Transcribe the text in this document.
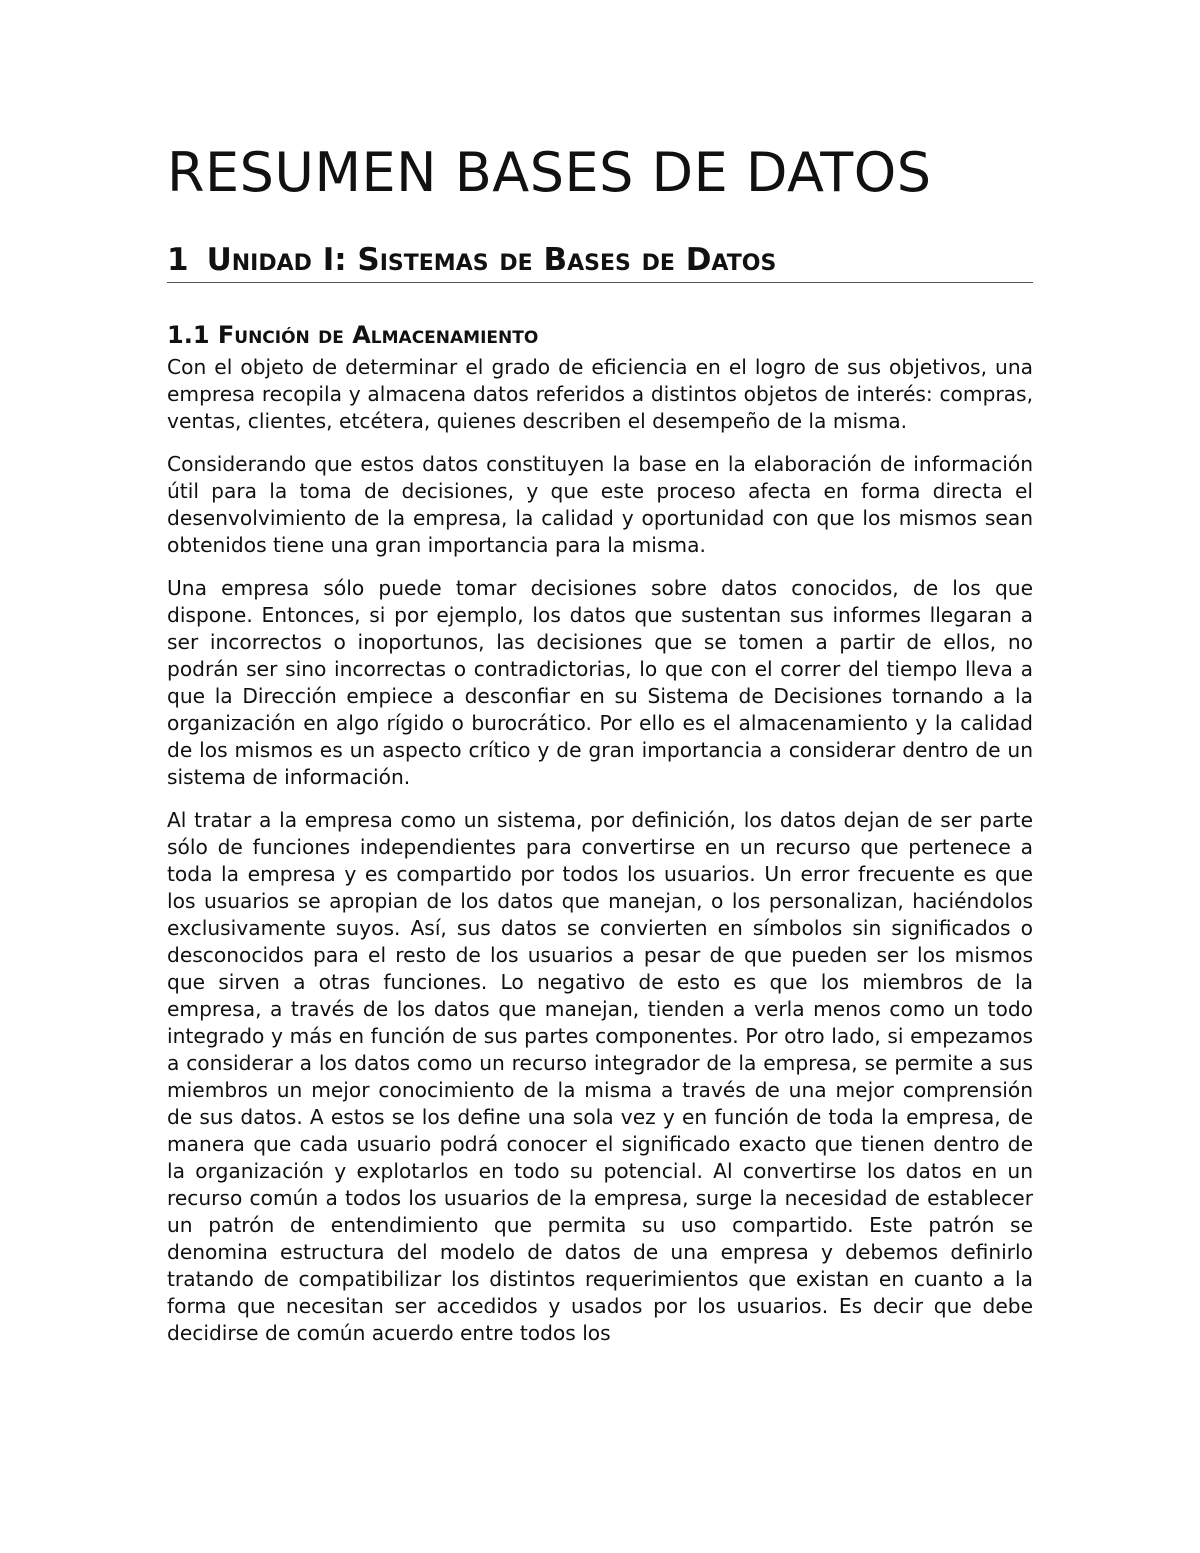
RESUMEN BASES DE DATOS
1 Unidad I: Sistemas de Bases de Datos
1.1 Función de Almacenamiento

Con el objeto de determinar el grado de eficiencia en el logro de sus objetivos, una empresa recopila y almacena datos referidos a distintos objetos de interés: compras, ventas, clientes, etcétera, quienes describen el desempeño de la misma.

Considerando que estos datos constituyen la base en la elaboración de información útil para la toma de decisiones, y que este proceso afecta en forma directa el desenvolvimiento de la empresa, la calidad y oportunidad con que los mismos sean obtenidos tiene una gran importancia para la misma.

Una empresa sólo puede tomar decisiones sobre datos conocidos, de los que dispone. Entonces, si por ejemplo, los datos que sustentan sus informes llegaran a ser incorrectos o inoportunos, las decisiones que se tomen a partir de ellos, no podrán ser sino incorrectas o contradictorias, lo que con el correr del tiempo lleva a que la Dirección empiece a desconfiar en su Sistema de Decisiones tornando a la organización en algo rígido o burocrático. Por ello es el almacenamiento y la calidad de los mismos es un aspecto crítico y de gran importancia a considerar dentro de un sistema de información.

Al tratar a la empresa como un sistema, por definición, los datos dejan de ser parte sólo de funciones independientes para convertirse en un recurso que pertenece a toda la empresa y es compartido por todos los usuarios. Un error frecuente es que los usuarios se apropian de los datos que manejan, o los personalizan, haciéndolos exclusivamente suyos. Así, sus datos se convierten en símbolos sin significados o desconocidos para el resto de los usuarios a pesar de que pueden ser los mismos que sirven a otras funciones. Lo negativo de esto es que los miembros de la empresa, a través de los datos que manejan, tienden a verla menos como un todo integrado y más en función de sus partes componentes. Por otro lado, si empezamos a considerar a los datos como un recurso integrador de la empresa, se permite a sus miembros un mejor conocimiento de la misma a través de una mejor comprensión de sus datos. A estos se los define una sola vez y en función de toda la empresa, de manera que cada usuario podrá conocer el significado exacto que tienen dentro de la organización y explotarlos en todo su potencial. Al convertirse los datos en un recurso común a todos los usuarios de la empresa, surge la necesidad de establecer un patrón de entendimiento que permita su uso compartido. Este patrón se denomina estructura del modelo de datos de una empresa y debemos definirlo tratando de compatibilizar los distintos requerimientos que existan en cuanto a la forma que necesitan ser accedidos y usados por los usuarios. Es decir que debe decidirse de común acuerdo entre todos los
